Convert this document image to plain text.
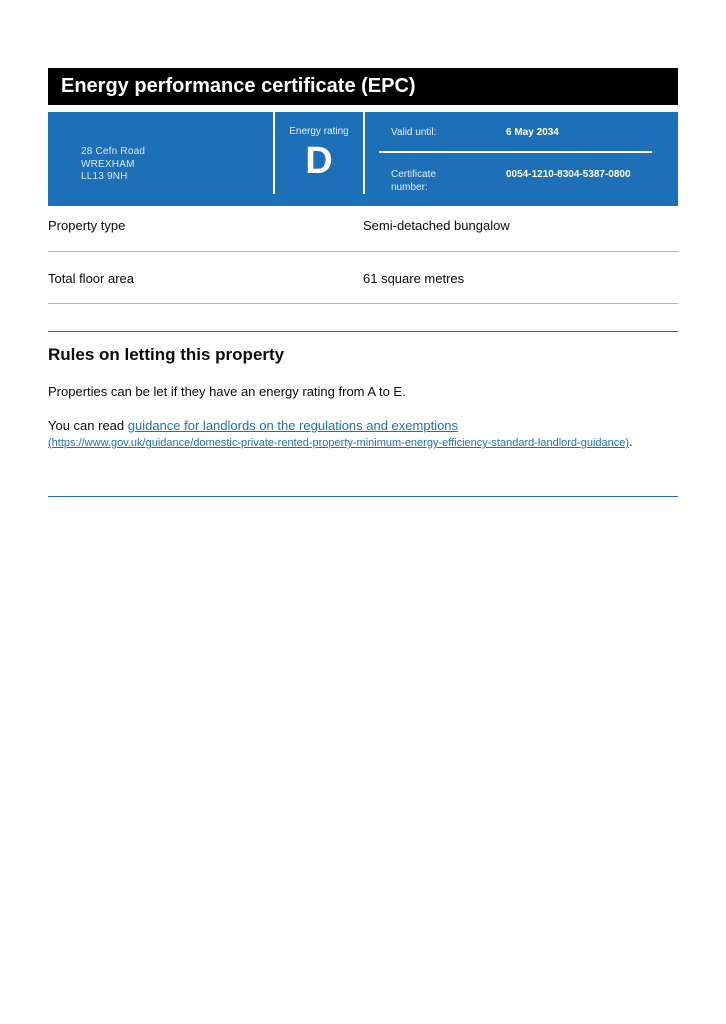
Energy performance certificate (EPC)
28 Cefn Road
WREXHAM
LL13 9NH
Energy rating
D
Valid until:	6 May 2034
Certificate number:
0054-1210-8304-5387-0800
Property type	Semi-detached bungalow
Total floor area	61 square metres
Rules on letting this property
Properties can be let if they have an energy rating from A to E.
You can read guidance for landlords on the regulations and exemptions
(https://www.gov.uk/guidance/domestic-private-rented-property-minimum-energy-efficiency-standard-landlord-guidance).
